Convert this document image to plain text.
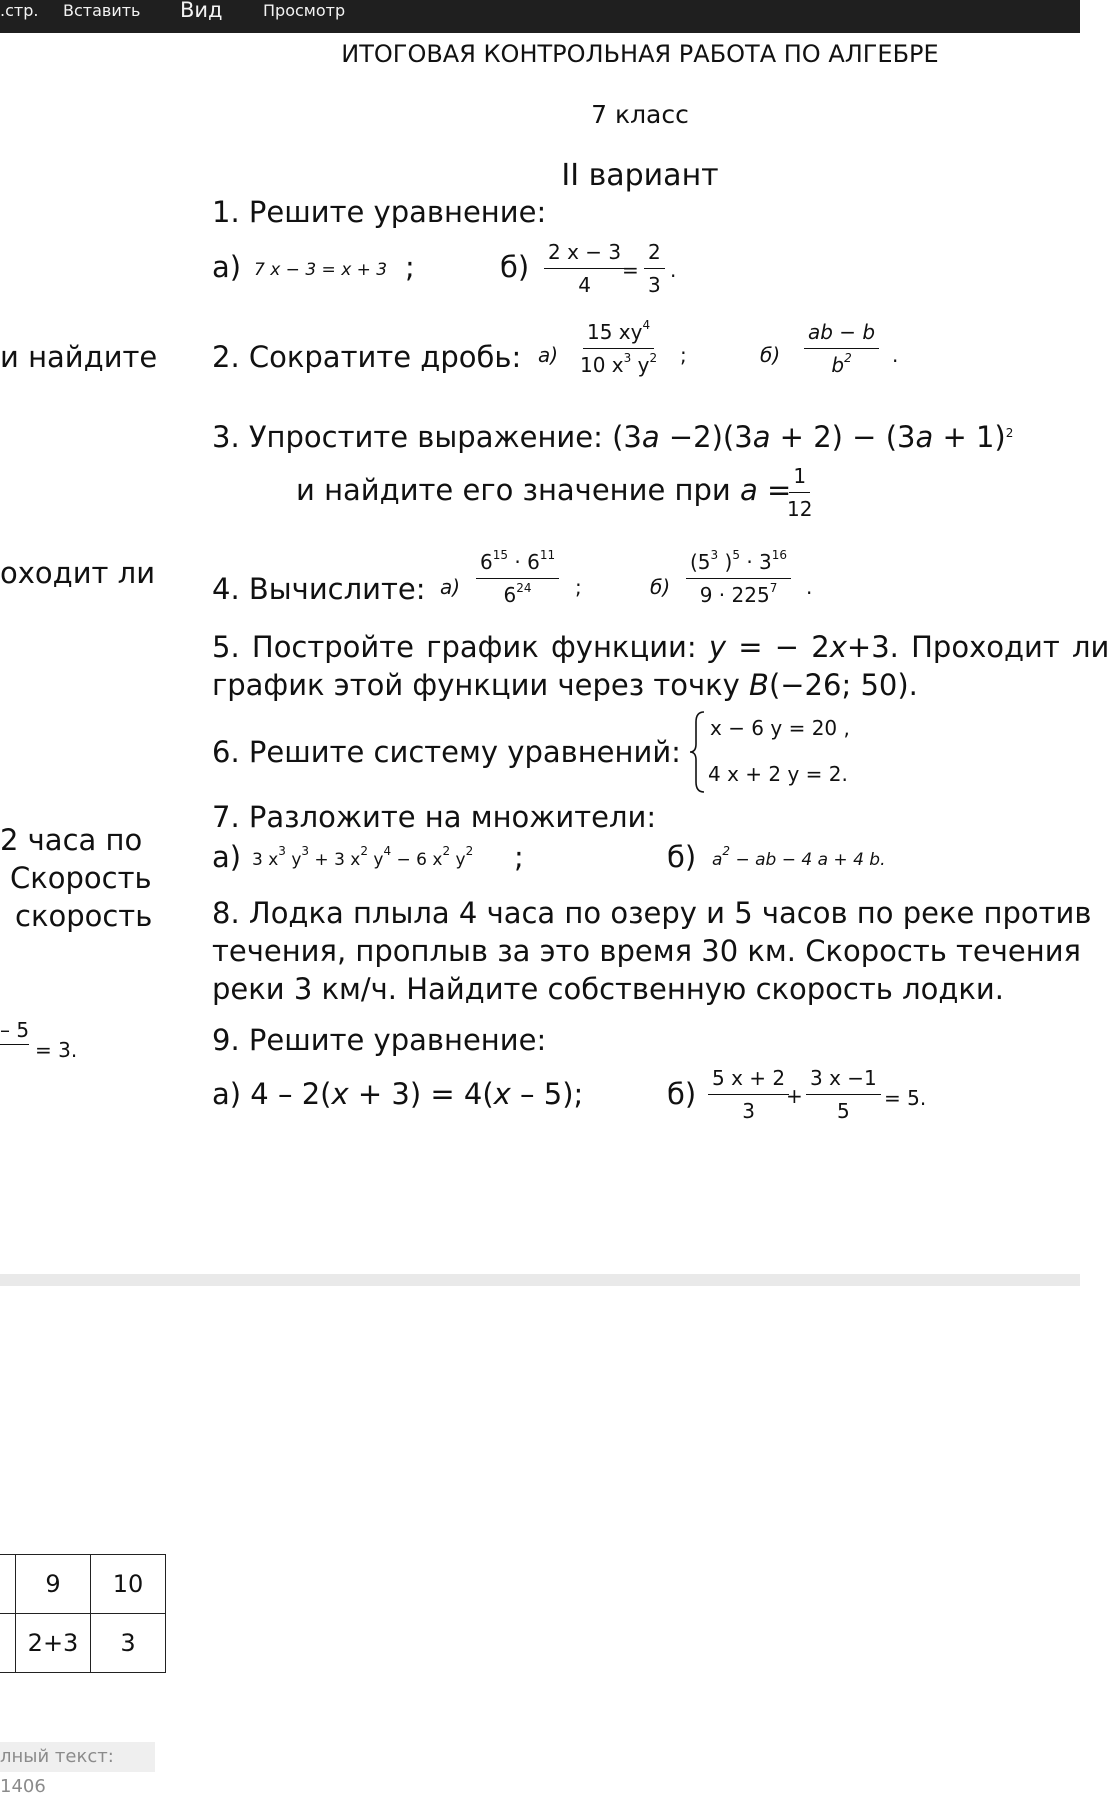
.стр. Вставить Вид	Просмотр
ИТОГОВАЯ КОНТРОЛЬНАЯ РАБОТА ПО АЛГЕБРЕ
7 класс
II вариант
и найдите
оходит ли
2 часа по
Скорость
скорость
– 5
= 3.
1. Решите уравнение:
а) 7 x − 3 = x + 3 ;	$б) \frac{2 x - 3}{4}$
= $\frac{2}{3}$ .
2. Сократите дробь: $а) \frac{15 xy^4}{10 x^3 y^2}$ ;	$б) \frac{ab - b}{b^2}$ .
3. Упростите выражение: $(3a -2)(3a + 2) - (3a + 1)^2$
и найдите его значение при a =
$\frac{1}{12}$
4. Вычислите: $а) \frac{6^{15} \cdot 6^{11}}{6^{24}}$ ;	$б) \frac{(5^3 )^5 \cdot 3^{16}}{9 \cdot 225^7}$ .
5. Постройте график функции: y = − 2x+3. Проходит ли
график этой функции через точку B(−26; 50).
6. Решите систему уравнений:
x − 6 y = 20 ,
4 x + 2 y = 2.
7. Разложите на множители:
а) 3 $x^3$ $y^3 + 3$ $x^2$ $y^4 - 6$ $x^2$ $y^2$ ;	б) $a^2$ − ab − 4 a + 4 b.
8. Лодка плыла 4 часа по озеру и 5 часов по реке против
течения, проплыв за это время 30 км. Скорость течения
реки 3 км/ч. Найдите собственную скорость лодки.
9. Решите уравнение:
а) 4 – 2(x + 3) = 4(x – 5);	$б) \frac{5 x + 2}{3}$
+ $\frac{3 x -1}{5} = 5$.
	9	10
	2+3	3
лный текст: 1406
